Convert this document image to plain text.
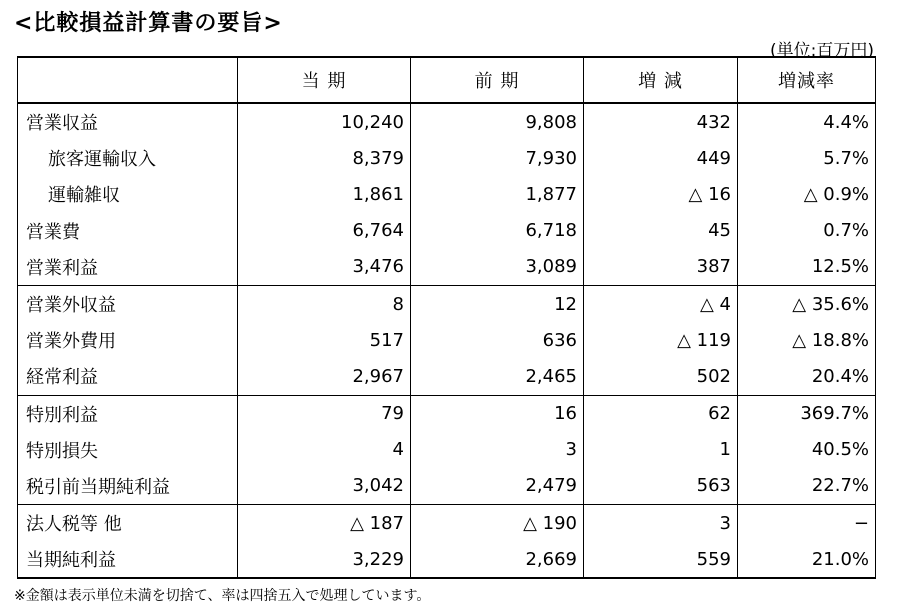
<比較損益計算書の要旨>
(単位:百万円)
	当 期	前 期	増 減	増減率
営業収益	10,240	9,808	432	4.4%
旅客運輸収入	8,379	7,930	449	5.7%
運輸雑収	1,861	1,877	△ 16	△ 0.9%
営業費	6,764	6,718	45	0.7%
営業利益	3,476	3,089	387	12.5%
営業外収益	8	12	△ 4	△ 35.6%
営業外費用	517	636	△ 119	△ 18.8%
経常利益	2,967	2,465	502	20.4%
特別利益	79	16	62	369.7%
特別損失	4	3	1	40.5%
税引前当期純利益	3,042	2,479	563	22.7%
法人税等 他	△ 187	△ 190	3	−
当期純利益	3,229	2,669	559	21.0%
※金額は表示単位未満を切捨て、率は四捨五入で処理しています。
